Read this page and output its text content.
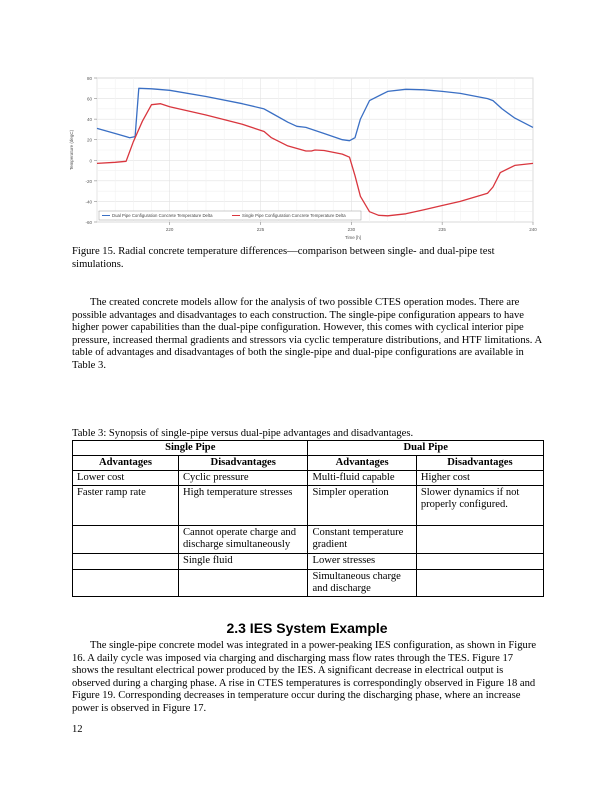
80
60
40
20
0
-20
-40
-60
220	225	230	235	240
Time [h]
Temperature (degC)
Dual Pipe Configuration Concrete Temperature Delta	Single Pipe Configuration Concrete Temperature Delta
Figure 15. Radial concrete temperature differences—comparison between single- and dual-pipe test simulations.
The created concrete models allow for the analysis of two possible CTES operation modes. There are possible advantages and disadvantages to each construction. The single-pipe configuration appears to have higher power capabilities than the dual-pipe configuration. However, this comes with cyclical interior pipe pressure, increased thermal gradients and stressors via cyclic temperature distributions, and HTF limitations. A table of advantages and disadvantages of both the single-pipe and dual-pipe configurations are available in Table 3.
Table 3: Synopsis of single-pipe versus dual-pipe advantages and disadvantages.
Single Pipe		Dual Pipe	
Advantages	Disadvantages	Advantages	Disadvantages
Lower cost	Cyclic pressure	Multi-fluid capable	Higher cost
Faster ramp rate	High temperature stresses	Simpler operation	Slower dynamics if not properly configured.
	Cannot operate charge and discharge simultaneously	Constant temperature gradient	
	Single fluid	Lower stresses	
		Simultaneous charge and discharge	
2.3 IES System Example
The single-pipe concrete model was integrated in a power-peaking IES configuration, as shown in Figure 16. A daily cycle was imposed via charging and discharging mass flow rates through the TES. Figure 17 shows the resultant electrical power produced by the IES. A significant decrease in electrical output is observed during a charging phase. A rise in CTES temperatures is correspondingly observed in Figure 18 and Figure 19. Corresponding decreases in temperature occur during the discharging phase, where an increase power is observed in Figure 17.
12
